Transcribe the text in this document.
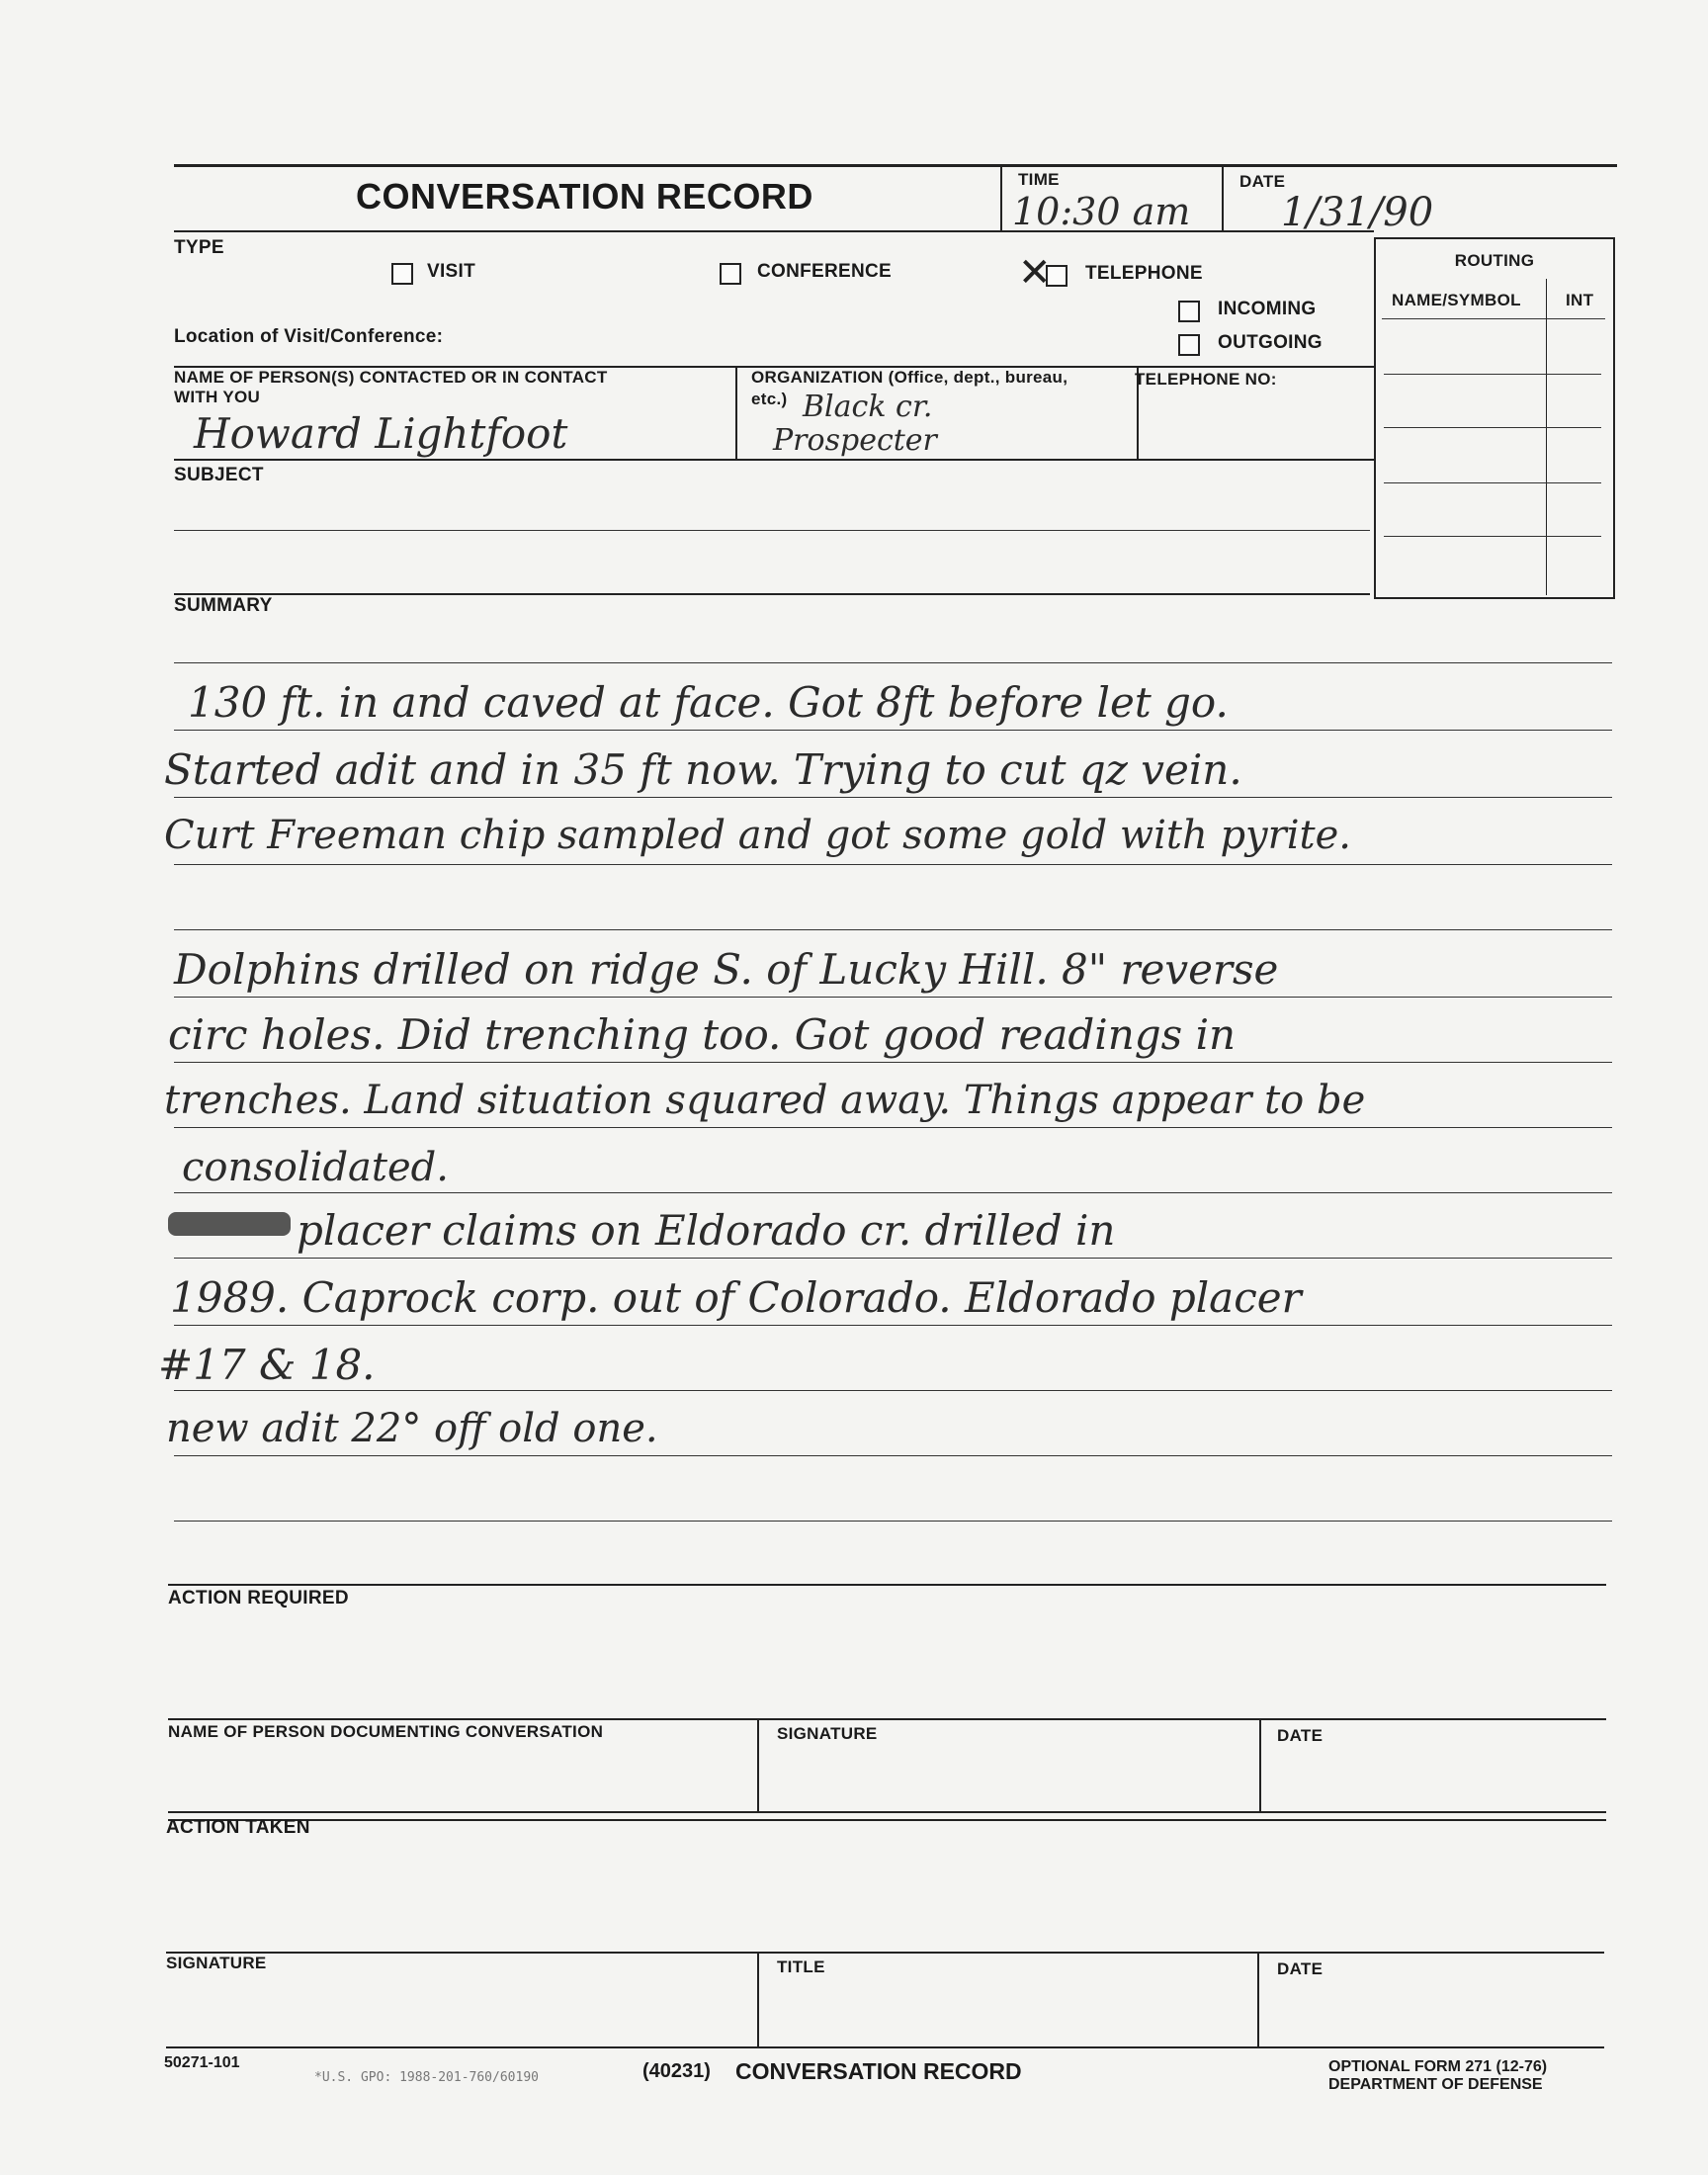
CONVERSATION RECORD	TIME
10:30 am
DATE
1/31/90
TYPE
VISIT	CONFERENCE	✕ TELEPHONE
INCOMING
OUTGOING
Location of Visit/Conference:
ROUTING
NAME/SYMBOL	INT
NAME OF PERSON(S) CONTACTED OR IN CONTACT
WITH YOU
Howard Lightfoot
ORGANIZATION (Office, dept., bureau,
etc.) Black cr.
Prospecter
TELEPHONE NO:
SUBJECT
SUMMARY
130 ft. in and caved at face. Got 8ft before let go.
Started adit and in 35 ft now. Trying to cut qz vein.
Curt Freeman chip sampled and got some gold with pyrite.
Dolphins drilled on ridge S. of Lucky Hill. 8" reverse
circ holes. Did trenching too. Got good readings in
trenches. Land situation squared away. Things appear to be
consolidated.
placer claims on Eldorado cr. drilled in
1989. Caprock corp. out of Colorado. Eldorado placer
#17 & 18.
new adit 22° off old one.
ACTION REQUIRED
NAME OF PERSON DOCUMENTING CONVERSATION	SIGNATURE	DATE
ACTION TAKEN
SIGNATURE	TITLE	DATE
50271-101
*U.S. GPO: 1988-201-760/60190	(40231) CONVERSATION RECORD	OPTIONAL FORM 271 (12-76)
DEPARTMENT OF DEFENSE
